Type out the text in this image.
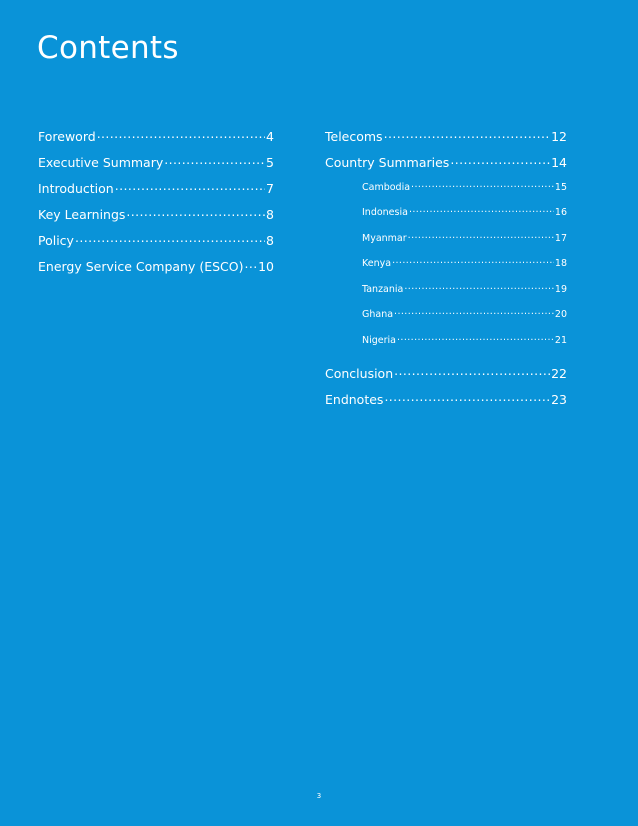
Contents
Foreword .....	4
Executive Summary .....	5
Introduction .....	7
Key Learnings .....	8
Policy .....	8
Energy Service Company (ESCO) ..... 10
Telecoms .....	12
Country Summaries .....	14
Cambodia .....	15
Indonesia .....	16
Myanmar .....	17
Kenya .....	18
Tanzania .....	19
Ghana .....	20
Nigeria .....	21
Conclusion .....	22
Endnotes .....	23
3
